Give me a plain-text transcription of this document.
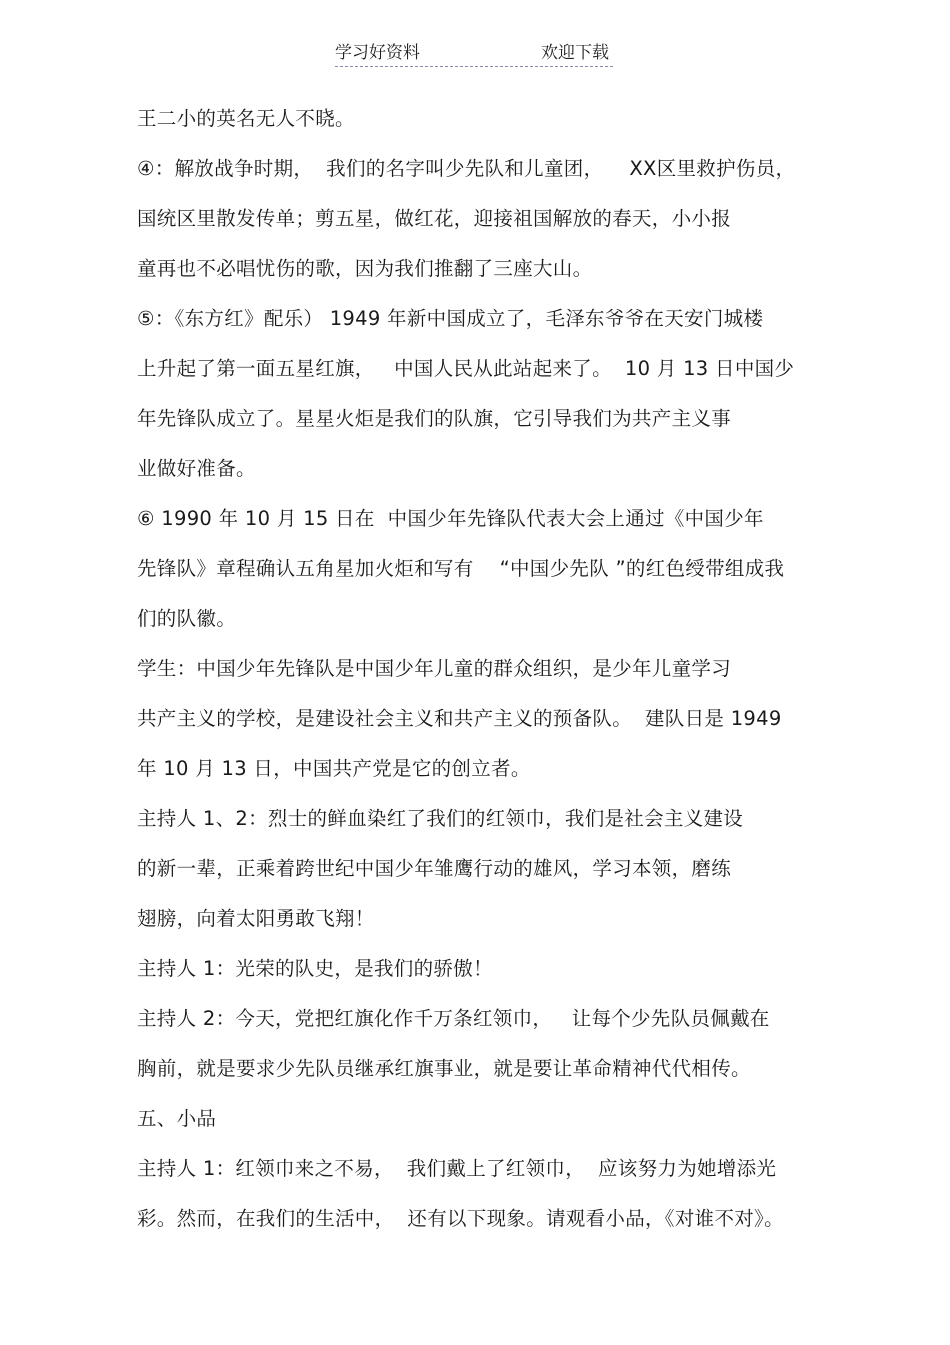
学习好资料	欢迎下载
王二小的英名无人不晓。
④：解放战争时期，  我们的名字叫少先队和儿童团，    XX区里救护伤员，
国统区里散发传单；剪五星，做红花，迎接祖国解放的春天，小小报
童再也不必唱忧伤的歌，因为我们推翻了三座大山。
⑤：《东方红》配乐） 1949 年新中国成立了，毛泽东爷爷在天安门城楼
上升起了第一面五星红旗，   中国人民从此站起来了。  10 月 13 日中国少
年先锋队成立了。星星火炬是我们的队旗，它引导我们为共产主义事
业做好准备。
⑥ 1990 年 10 月 15 日在  中国少年先锋队代表大会上通过《中国少年
先锋队》章程确认五角星加火炬和写有    “中国少先队 ”的红色绶带组成我
们的队徽。
学生：中国少年先锋队是中国少年儿童的群众组织，是少年儿童学习
共产主义的学校，是建设社会主义和共产主义的预备队。  建队日是 1949
年 10 月 13 日，中国共产党是它的创立者。
主持人 1、2：烈士的鲜血染红了我们的红领巾，我们是社会主义建设
的新一辈，正乘着跨世纪中国少年雏鹰行动的雄风，学习本领，磨练
翅膀，向着太阳勇敢飞翔！
主持人 1：光荣的队史，是我们的骄傲！
主持人 2：今天，党把红旗化作千万条红领巾，   让每个少先队员佩戴在
胸前，就是要求少先队员继承红旗事业，就是要让革命精神代代相传。
五、小品
主持人 1：红领巾来之不易，  我们戴上了红领巾，  应该努力为她增添光
彩。然而，在我们的生活中，  还有以下现象。请观看小品，《对谁不对》。
